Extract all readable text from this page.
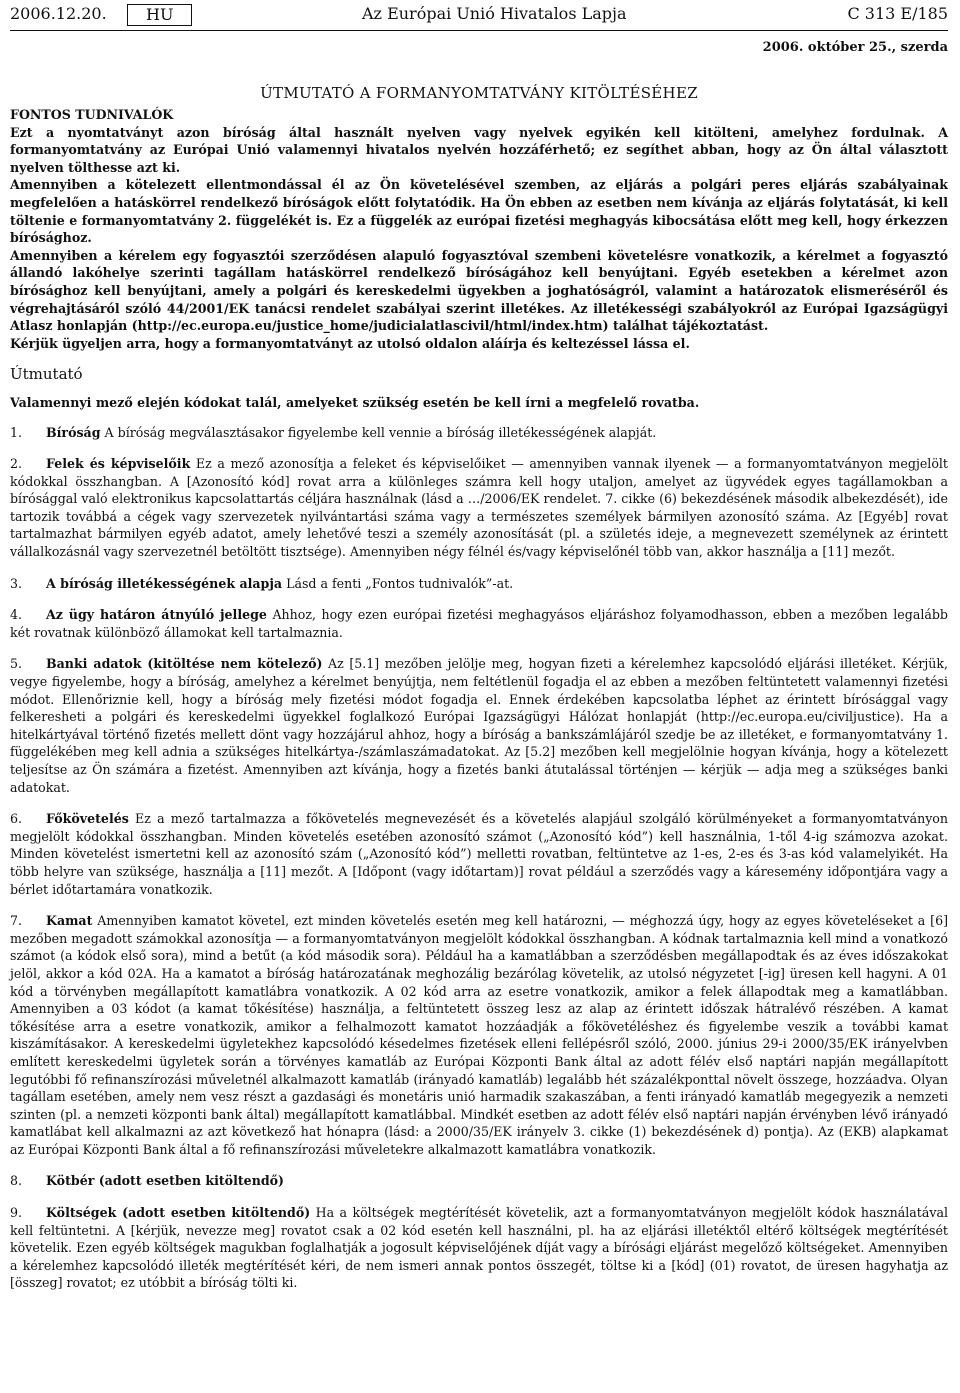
2006.12.20.	HU	Az Európai Unió Hivatalos Lapja	C 313 E/185
2006. október 25., szerda
ÚTMUTATÓ A FORMANYOMTATVÁNY KITÖLTÉSÉHEZ

FONTOS TUDNIVALÓK

Ezt a nyomtatványt azon bíróság által használt nyelven vagy nyelvek egyikén kell kitölteni, amelyhez fordulnak. A formanyomtatvány az Európai Unió valamennyi hivatalos nyelvén hozzáférhető; ez segíthet abban, hogy az Ön által választott nyelven tölthesse azt ki.

Amennyiben a kötelezett ellentmondással él az Ön követelésével szemben, az eljárás a polgári peres eljárás szabályainak megfelelően a hatáskörrel rendelkező bíróságok előtt folytatódik. Ha Ön ebben az esetben nem kívánja az eljárás folytatását, ki kell töltenie e formanyomtatvány 2. függelékét is. Ez a függelék az európai fizetési meghagyás kibocsátása előtt meg kell, hogy érkezzen bírósághoz.

Amennyiben a kérelem egy fogyasztói szerződésen alapuló fogyasztóval szembeni követelésre vonatkozik, a kérelmet a fogyasztó állandó lakóhelye szerinti tagállam hatáskörrel rendelkező bíróságához kell benyújtani. Egyéb esetekben a kérelmet azon bírósághoz kell benyújtani, amely a polgári és kereskedelmi ügyekben a joghatóságról, valamint a határozatok elismeréséről és végrehajtásáról szóló 44/2001/EK tanácsi rendelet szabályai szerint illetékes. Az illetékességi szabályokról az Európai Igazságügyi Atlasz honlapján (http://ec.europa.eu/justice_home/judicialatlascivil/html/index.htm) találhat tájékoztatást.

Kérjük ügyeljen arra, hogy a formanyomtatványt az utolsó oldalon aláírja és keltezéssel lássa el.

Útmutató

Valamennyi mező elején kódokat talál, amelyeket szükség esetén be kell írni a megfelelő rovatba.

1. Bíróság A bíróság megválasztásakor figyelembe kell vennie a bíróság illetékességének alapját.

2. Felek és képviselőik Ez a mező azonosítja a feleket és képviselőiket — amennyiben vannak ilyenek — a formanyomtatványon megjelölt kódokkal összhangban. A [Azonosító kód] rovat arra a különleges számra kell hogy utaljon, amelyet az ügyvédek egyes tagállamokban a bírósággal való elektronikus kapcsolattartás céljára használnak (lásd a …/2006/EK rendelet. 7. cikke (6) bekezdésének második albekezdését), ide tartozik továbbá a cégek vagy szervezetek nyilvántartási száma vagy a természetes személyek bármilyen azonosító száma. Az [Egyéb] rovat tartalmazhat bármilyen egyéb adatot, amely lehetővé teszi a személy azonosítását (pl. a születés ideje, a megnevezett személynek az érintett vállalkozásnál vagy szervezetnél betöltött tisztsége). Amennyiben négy félnél és/vagy képviselőnél több van, akkor használja a [11] mezőt.

3. A bíróság illetékességének alapja Lásd a fenti „Fontos tudnivalók”-at.

4. Az ügy határon átnyúló jellege Ahhoz, hogy ezen európai fizetési meghagyásos eljáráshoz folyamodhasson, ebben a mezőben legalább két rovatnak különböző államokat kell tartalmaznia.

5. Banki adatok (kitöltése nem kötelező) Az [5.1] mezőben jelölje meg, hogyan fizeti a kérelemhez kapcsolódó eljárási illetéket. Kérjük, vegye figyelembe, hogy a bíróság, amelyhez a kérelmet benyújtja, nem feltétlenül fogadja el az ebben a mezőben feltüntetett valamennyi fizetési módot. Ellenőriznie kell, hogy a bíróság mely fizetési módot fogadja el. Ennek érdekében kapcsolatba léphet az érintett bírósággal vagy felkeresheti a polgári és kereskedelmi ügyekkel foglalkozó Európai Igazságügyi Hálózat honlapját (http://ec.europa.eu/civiljustice). Ha a hitelkártyával történő fizetés mellett dönt vagy hozzájárul ahhoz, hogy a bíróság a bankszámlájáról szedje be az illetéket, e formanyomtatvány 1. függelékében meg kell adnia a szükséges hitelkártya-/számlaszámadatokat. Az [5.2] mezőben kell megjelölnie hogyan kívánja, hogy a kötelezett teljesítse az Ön számára a fizetést. Amennyiben azt kívánja, hogy a fizetés banki átutalással történjen — kérjük — adja meg a szükséges banki adatokat.

6. Főkövetelés Ez a mező tartalmazza a főkövetelés megnevezését és a követelés alapjául szolgáló körülményeket a formanyomtatványon megjelölt kódokkal összhangban. Minden követelés esetében azonosító számot („Azonosító kód”) kell használnia, 1-től 4-ig számozva azokat. Minden követelést ismertetni kell az azonosító szám („Azonosító kód”) melletti rovatban, feltüntetve az 1-es, 2-es és 3-as kód valamelyikét. Ha több helyre van szüksége, használja a [11] mezőt. A [Időpont (vagy időtartam)] rovat például a szerződés vagy a káresemény időpontjára vagy a bérlet időtartamára vonatkozik.

7. Kamat Amennyiben kamatot követel, ezt minden követelés esetén meg kell határozni, — méghozzá úgy, hogy az egyes követeléseket a [6] mezőben megadott számokkal azonosítja — a formanyomtatványon megjelölt kódokkal összhangban. A kódnak tartalmaznia kell mind a vonatkozó számot (a kódok első sora), mind a betűt (a kód második sora). Például ha a kamatlábban a szerződésben megállapodtak és az éves időszakokat jelöl, akkor a kód 02A. Ha a kamatot a bíróság határozatának meghozálig bezárólag követelik, az utolsó négyzetet [-ig] üresen kell hagyni. A 01 kód a törvényben megállapított kamatlábra vonatkozik. A 02 kód arra az esetre vonatkozik, amikor a felek állapodtak meg a kamatlábban. Amennyiben a 03 kódot (a kamat tőkésítése) használja, a feltüntetett összeg lesz az alap az érintett időszak hátralévő részében. A kamat tőkésítése arra a esetre vonatkozik, amikor a felhalmozott kamatot hozzáadják a főkövetéléshez és figyelembe veszik a további kamat kiszámításakor. A kereskedelmi ügyletekhez kapcsolódó késedelmes fizetések elleni fellépésről szóló, 2000. június 29-i 2000/35/EK irányelvben említett kereskedelmi ügyletek során a törvényes kamatláb az Európai Központi Bank által az adott félév első naptári napján megállapított legutóbbi fő refinanszírozási műveletnél alkalmazott kamatláb (irányadó kamatláb) legalább hét százalékponttal növelt összege, hozzáadva. Olyan tagállam esetében, amely nem vesz részt a gazdasági és monetáris unió harmadik szakaszában, a fenti irányadó kamatláb megegyezik a nemzeti szinten (pl. a nemzeti központi bank által) megállapított kamatlábbal. Mindkét esetben az adott félév első naptári napján érvényben lévő irányadó kamatlábat kell alkalmazni az azt következő hat hónapra (lásd: a 2000/35/EK irányelv 3. cikke (1) bekezdésének d) pontja). Az (EKB) alapkamat az Európai Központi Bank által a fő refinanszírozási műveletekre alkalmazott kamatlábra vonatkozik.

8. Kötbér (adott esetben kitöltendő)

9. Költségek (adott esetben kitöltendő) Ha a költségek megtérítését követelik, azt a formanyomtatványon megjelölt kódok használatával kell feltüntetni. A [kérjük, nevezze meg] rovatot csak a 02 kód esetén kell használni, pl. ha az eljárási illetéktől eltérő költségek megtérítését követelik. Ezen egyéb költségek magukban foglalhatják a jogosult képviselőjének díját vagy a bírósági eljárást megelőző költségeket. Amennyiben a kérelemhez kapcsolódó illeték megtérítését kéri, de nem ismeri annak pontos összegét, töltse ki a [kód] (01) rovatot, de üresen hagyhatja az [összeg] rovatot; ez utóbbit a bíróság tölti ki.
